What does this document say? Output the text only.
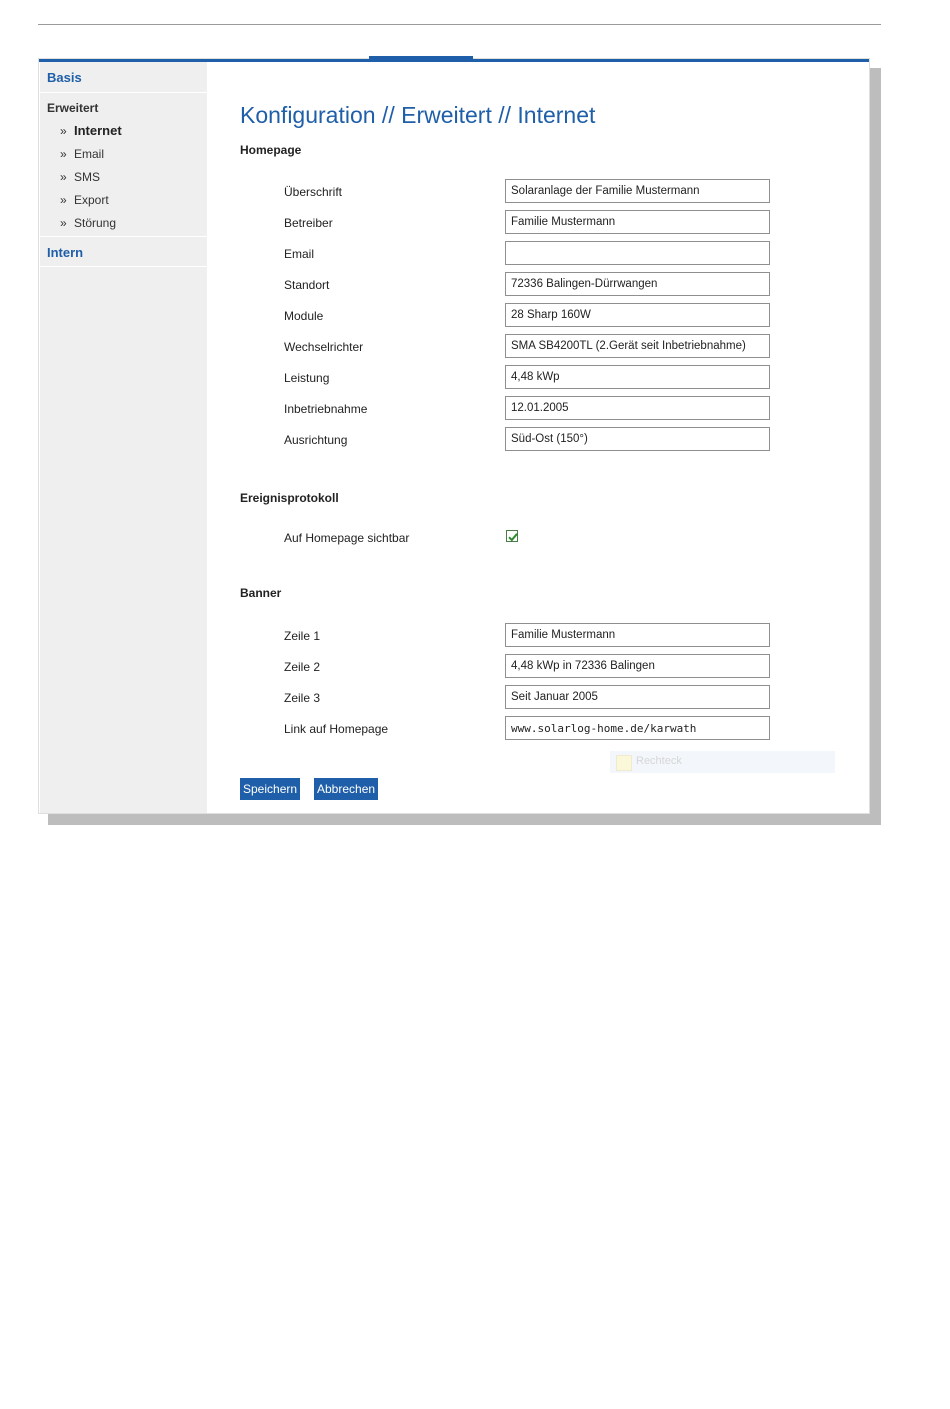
Basis
Erweitert
» Internet
» Email
» SMS
» Export
» Störung
Intern
Konfiguration // Erweitert // Internet
Homepage
Überschrift
Solaranlage der Familie Mustermann
Betreiber
Familie Mustermann
Email
Standort
72336 Balingen-Dürrwangen
Module
28 Sharp 160W
Wechselrichter
SMA SB4200TL (2.Gerät seit Inbetriebnahme)
Leistung
4,48 kWp
Inbetriebnahme
12.01.2005
Ausrichtung
Süd-Ost (150°)
Ereignisprotokoll
Auf Homepage sichtbar
Banner
Zeile 1
Familie Mustermann
Zeile 2
4,48 kWp in 72336 Balingen
Zeile 3
Seit Januar 2005
Link auf Homepage
www.solarlog-home.de/karwath
Rechteck
Speichern Abbrechen
